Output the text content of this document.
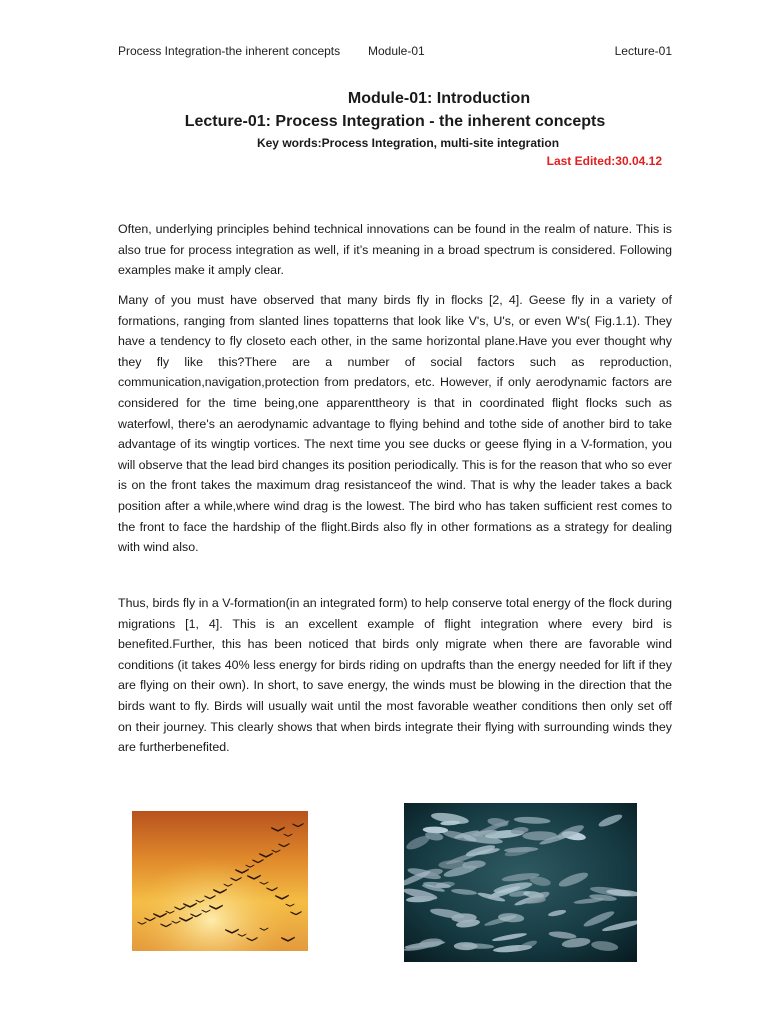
Process Integration-the inherent concepts Module-01	Lecture-01

Module-01: Introduction

Lecture-01: Process Integration - the inherent concepts

Key words:Process Integration, multi-site integration

Last Edited:30.04.12

Often, underlying principles behind technical innovations can be found in the realm of nature. This is also true for process integration as well, if it’s meaning in a broad spectrum is considered. Following examples make it amply clear.

Many of you must have observed that many birds fly in flocks [2, 4]. Geese fly in a variety of formations, ranging from slanted lines topatterns that look like V's, U's, or even W's( Fig.1.1). They have a tendency to fly closeto each other, in the same horizontal plane.Have you ever thought why they fly like this?There are a number of social factors such as reproduction, communication,navigation,protection from predators, etc. However, if only aerodynamic factors are considered for the time being,one apparenttheory is that in coordinated flight flocks such as waterfowl, there's an aerodynamic advantage to flying behind and tothe side of another bird to take advantage of its wingtip vortices. The next time you see ducks or geese flying in a V-formation, you will observe that the lead bird changes its position periodically. This is for the reason that who so ever is on the front takes the maximum drag resistanceof the wind. That is why the leader takes a back position after a while,where wind drag is the lowest. The bird who has taken sufficient rest comes to the front to face the hardship of the flight.Birds also fly in other formations as a strategy for dealing with wind also.

Thus, birds fly in a V-formation(in an integrated form) to help conserve total energy of the flock during migrations [1, 4]. This is an excellent example of flight integration where every bird is benefited.Further, this has been noticed that birds only migrate when there are favorable wind conditions (it takes 40% less energy for birds riding on updrafts than the energy needed for lift if they are flying on their own). In short, to save energy, the winds must be blowing in the direction that the birds want to fly. Birds will usually wait until the most favorable weather conditions then only set off on their journey. This clearly shows that when birds integrate their flying with surrounding winds they are furtherbenefited.
